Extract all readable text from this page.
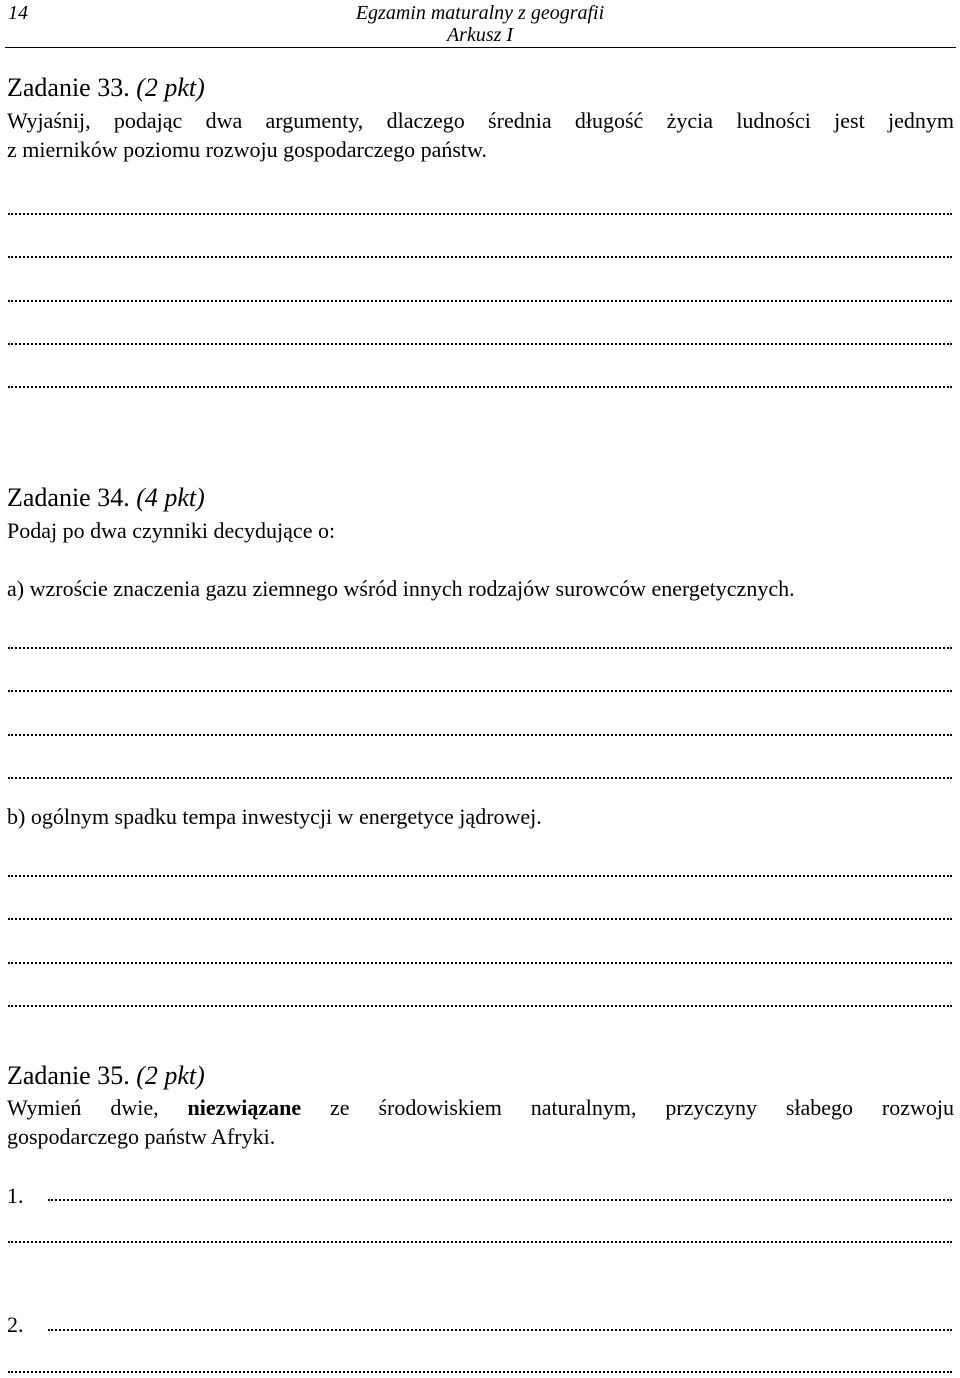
14	Egzamin maturalny z geografii
Arkusz I
Zadanie 33. (2 pkt)
Wyjaśnij, podając dwa argumenty, dlaczego średnia długość życia ludności jest jednym
z mierników poziomu rozwoju gospodarczego państw.
Zadanie 34. (4 pkt)
Podaj po dwa czynniki decydujące o:
a) wzroście znaczenia gazu ziemnego wśród innych rodzajów surowców energetycznych.
b) ogólnym spadku tempa inwestycji w energetyce jądrowej.
Zadanie 35. (2 pkt)
Wymień dwie, niezwiązane ze środowiskiem naturalnym, przyczyny słabego rozwoju
gospodarczego państw Afryki.
1.
2.
